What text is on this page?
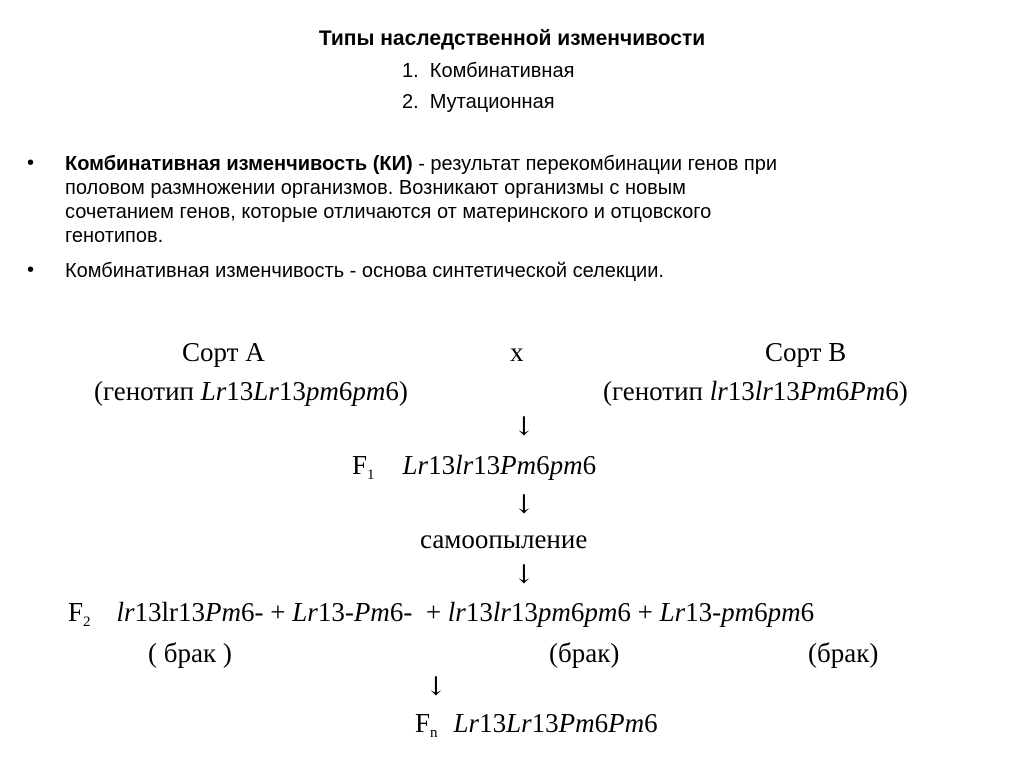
Типы наследственной изменчивости
1.  Комбинативная
2.  Мутационная
• Комбинативная изменчивость (КИ) - результат перекомбинации генов при
половом размножении организмов. Возникают организмы с новым
сочетанием генов, которые отличаются от материнского и отцовского
генотипов.
• Комбинативная изменчивость - основа синтетической селекции.
Сорт А	х	Сорт В
(генотип Lr13Lr13pm6pm6)	(генотип lr13lr13Pm6Pm6)
↓
$F_1$ Lr13lr13Pm6pm6
↓
самоопыление
↓
$F_2$ lr13lr13Pm6- + Lr13-Pm6- + lr13lr13pm6pm6 + Lr13-pm6pm6
( брак )	(брак)	(брак)
↓
$F_n$ Lr13Lr13Pm6Pm6
